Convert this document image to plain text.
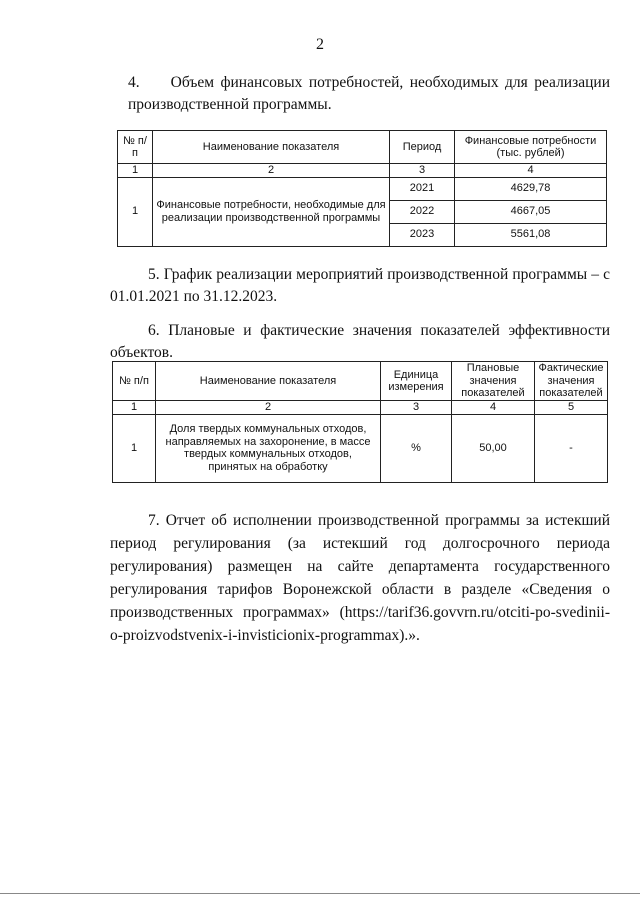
2
4.  Объем финансовых потребностей, необходимых для реализации производственной программы.
№ п/п	Наименование показателя	Период	Финансовые потребности (тыс. рублей)
1	2	3	4
1	Финансовые потребности, необходимые для реализации производственной программы	2021	4629,78
		2022	4667,05
		2023	5561,08
5. График реализации мероприятий производственной программы – с 01.01.2021 по 31.12.2023.
6. Плановые и фактические значения показателей эффективности объектов.
№ п/п	Наименование показателя	Единица измерения	Плановые значения показателей	Фактические значения показателей
1	2	3	4	5
1	Доля твердых коммунальных отходов, направляемых на захоронение, в массе твердых коммунальных отходов, принятых на обработку	%	50,00	-
7. Отчет об исполнении производственной программы за истекший период регулирования (за истекший год долгосрочного периода регулирования) размещен на сайте департамента государственного регулирования тарифов Воронежской области в разделе «Сведения о производственных программах» (https://tarif36.govvrn.ru/otciti-po-svedinii-o-proizvodstvenix-i-invisticionix-programmax).».
